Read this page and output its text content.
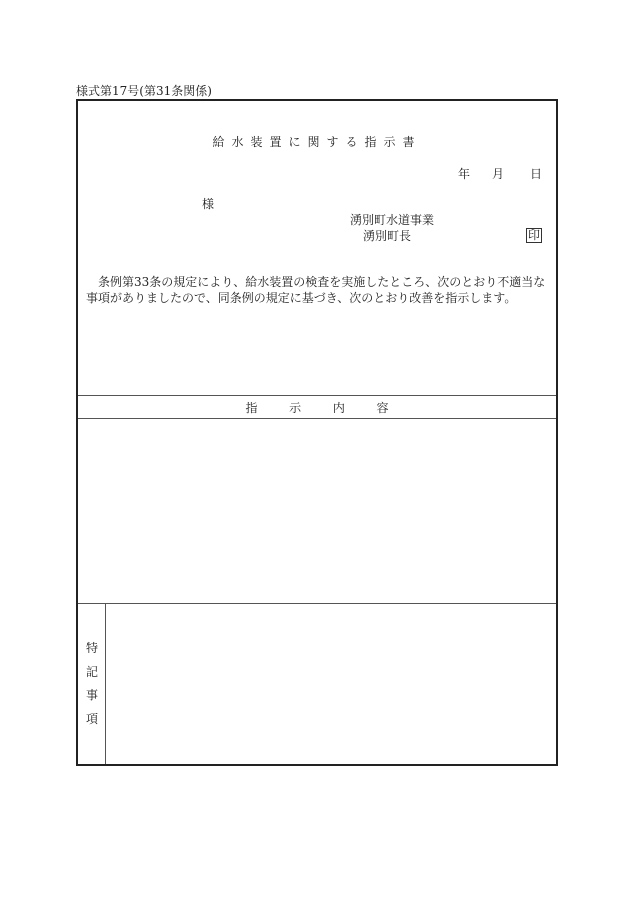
様式第17号(第31条関係)
給水装置に関する指示書
年 月 日
様
湧別町水道事業
湧別町長	印
条例第33条の規定により、給水装置の検査を実施したところ、次のとおり不適当な事項がありましたので、同条例の規定に基づき、次のとおり改善を指示します。
指	示	内	容
特
記
事
項
